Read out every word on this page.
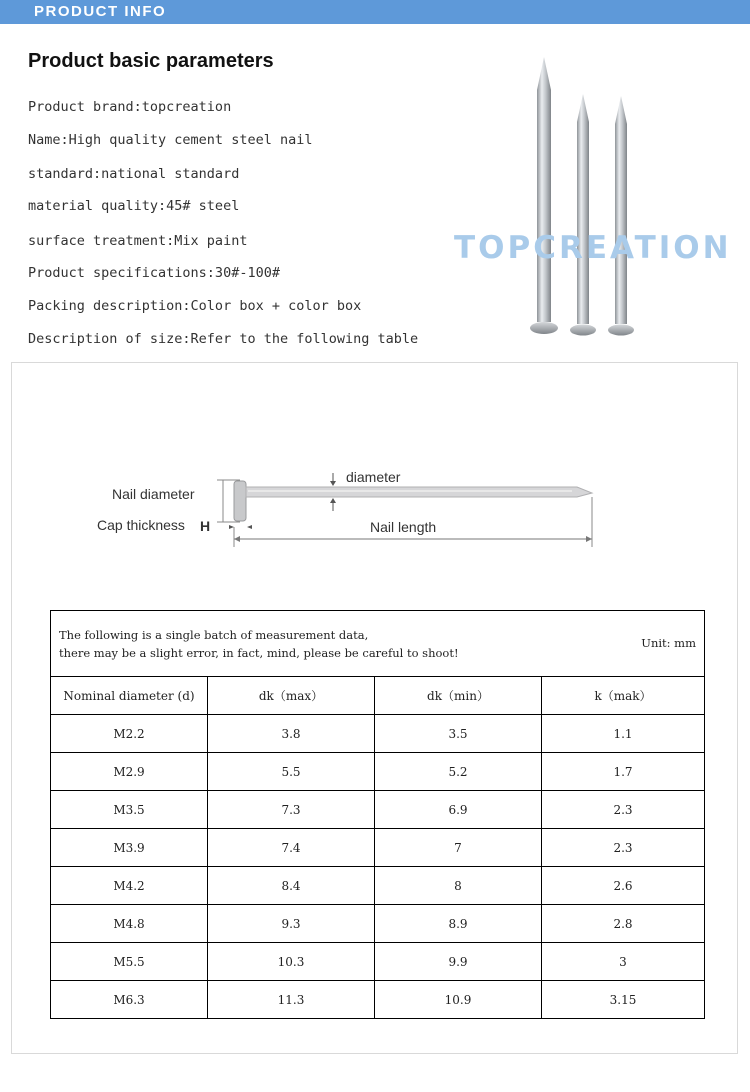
PRODUCT INFO
Product basic parameters
Product brand:topcreation
Name:High quality cement steel nail
standard:national standard
material quality:45# steel
surface treatment:Mix paint
Product specifications:30#-100#
Packing description:Color box + color box
Description of size:Refer to the following table
TOPCREATION
Nail diameter
Cap thickness H
diameter
Nail length
The following is a single batch of measurement data,
Unit: mm
there may be a slight error, in fact, mind, please be careful to shoot!			

Nominal diameter (d)	dk（max）	dk（min）	k（mak）
M2.2	3.8	3.5	1.1
M2.9	5.5	5.2	1.7
M3.5	7.3	6.9	2.3
M3.9	7.4	7	2.3
M4.2	8.4	8	2.6
M4.8	9.3	8.9	2.8
M5.5	10.3	9.9	3
M6.3	11.3	10.9	3.15
